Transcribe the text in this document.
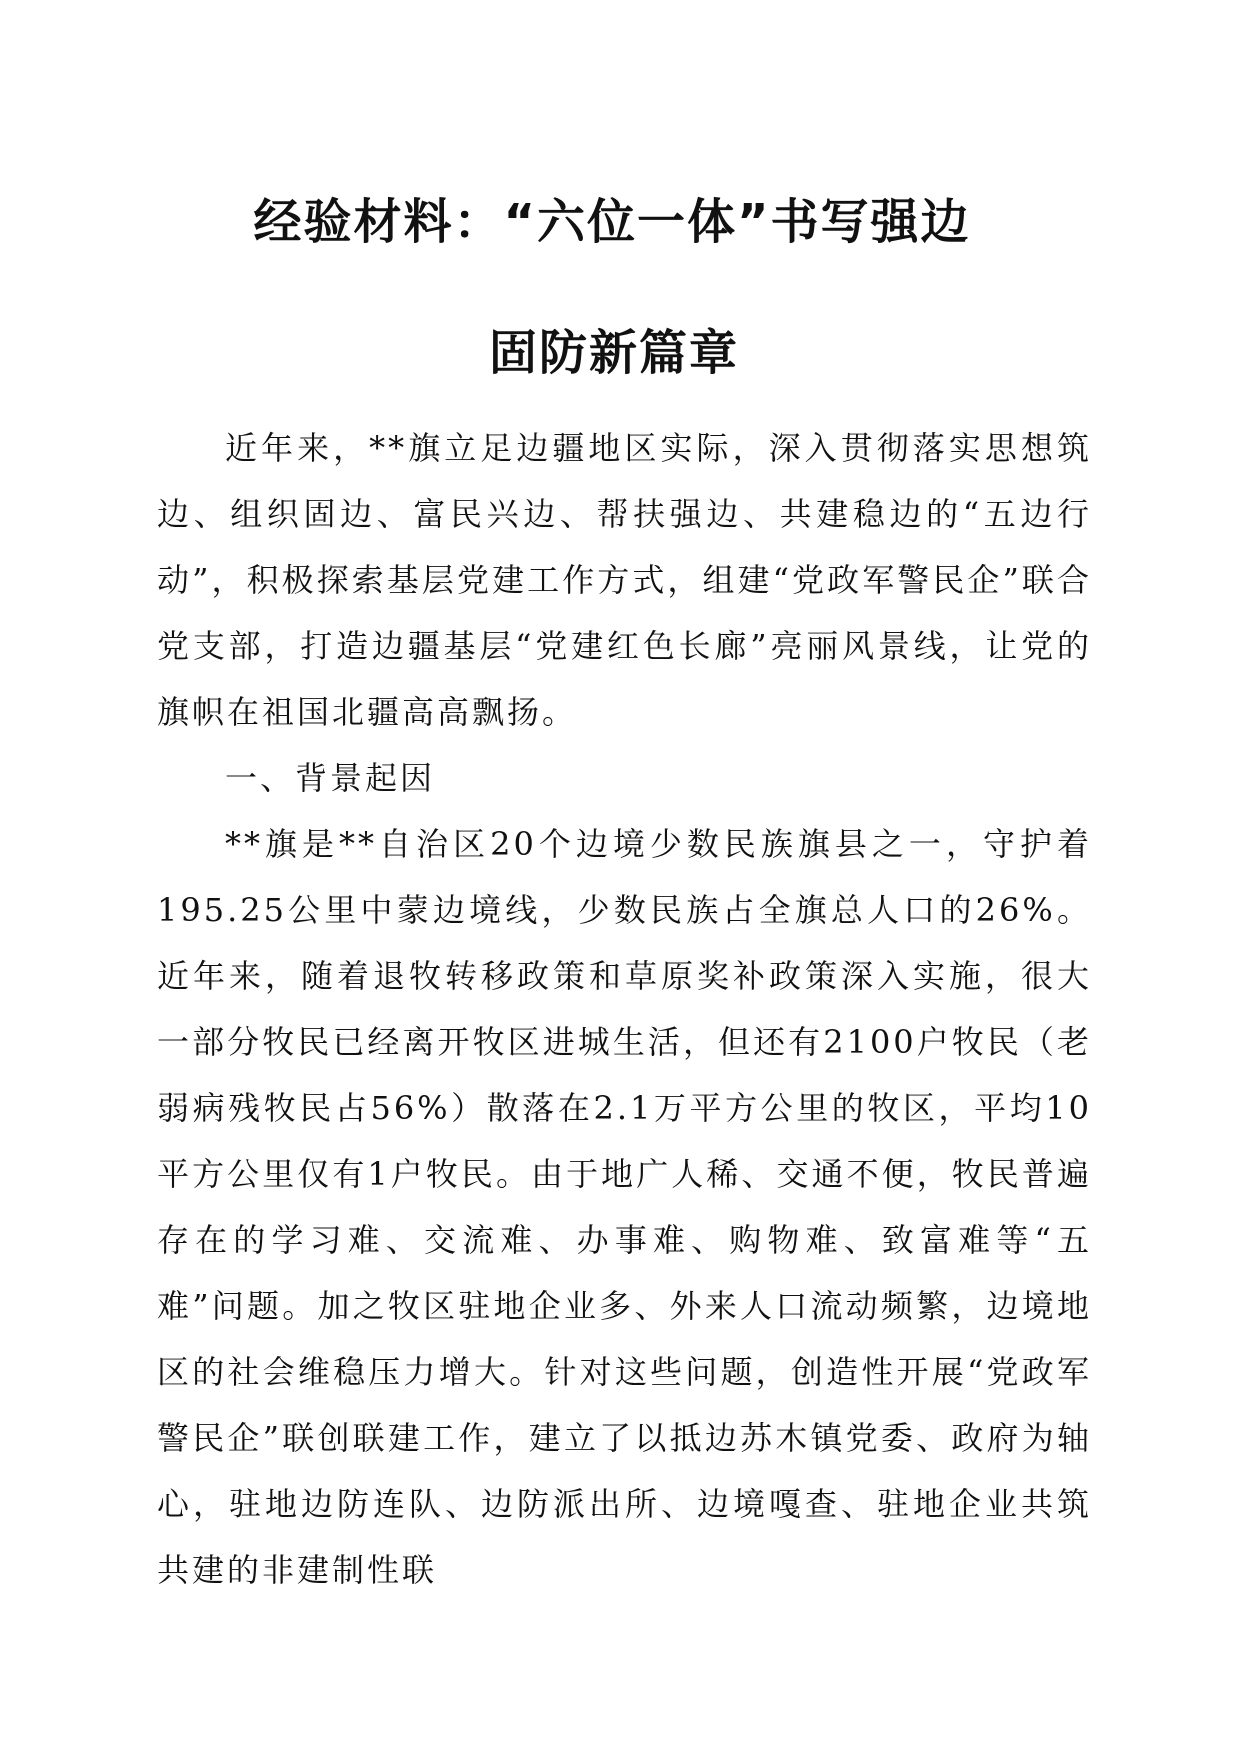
经验材料：“六位一体”书写强边
固防新篇章

近年来，**旗立足边疆地区实际，深入贯彻落实思想筑边、组织固边、富民兴边、帮扶强边、共建稳边的“五边行动”，积极探索基层党建工作方式，组建“党政军警民企”联合党支部，打造边疆基层“党建红色长廊”亮丽风景线，让党的旗帜在祖国北疆高高飘扬。

一、背景起因

**旗是**自治区20个边境少数民族旗县之一，守护着195.25公里中蒙边境线，少数民族占全旗总人口的26%。近年来，随着退牧转移政策和草原奖补政策深入实施，很大一部分牧民已经离开牧区进城生活，但还有2100户牧民（老弱病残牧民占56%）散落在2.1万平方公里的牧区，平均10平方公里仅有1户牧民。由于地广人稀、交通不便，牧民普遍存在的学习难、交流难、办事难、购物难、致富难等“五难”问题。加之牧区驻地企业多、外来人口流动频繁，边境地区的社会维稳压力增大。针对这些问题，创造性开展“党政军警民企”联创联建工作，建立了以抵边苏木镇党委、政府为轴心，驻地边防连队、边防派出所、边境嘎查、驻地企业共筑共建的非建制性联
